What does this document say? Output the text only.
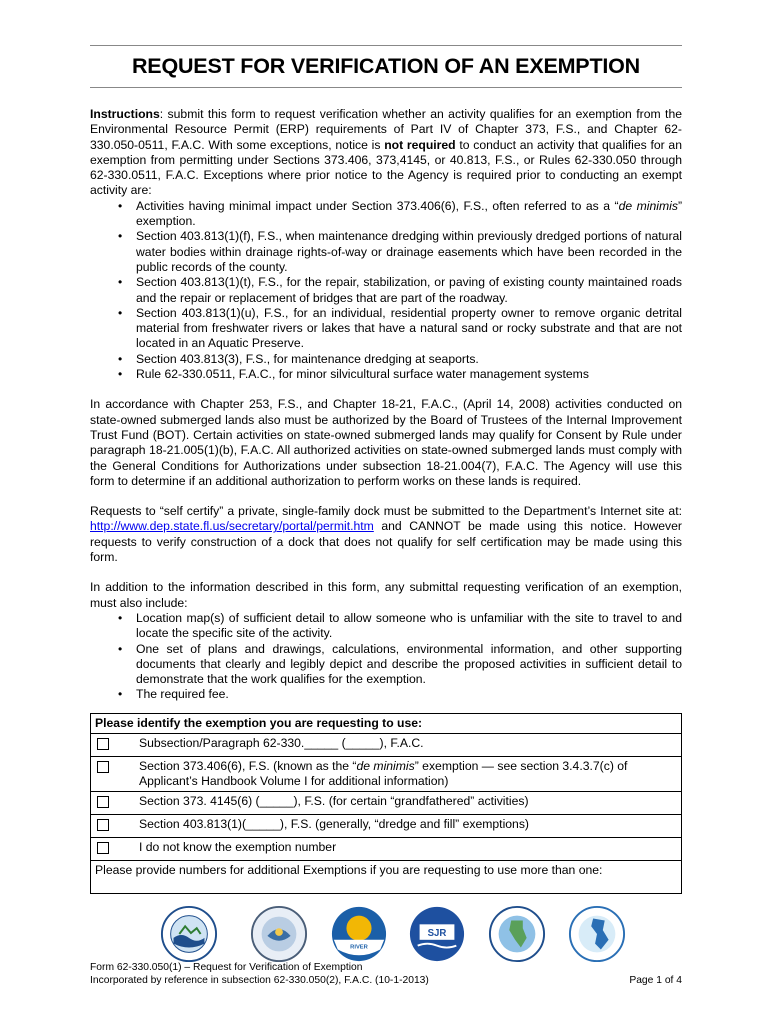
REQUEST FOR VERIFICATION OF AN EXEMPTION

Instructions: submit this form to request verification whether an activity qualifies for an exemption from the Environmental Resource Permit (ERP) requirements of Part IV of Chapter 373, F.S., and Chapter 62-330.050-0511, F.A.C. With some exceptions, notice is not required to conduct an activity that qualifies for an exemption from permitting under Sections 373.406, 373,4145, or 40.813, F.S., or Rules 62-330.050 through 62-330.0511, F.A.C. Exceptions where prior notice to the Agency is required prior to conducting an exempt activity are:

• Activities having minimal impact under Section 373.406(6), F.S., often referred to as a “de minimis” exemption.
• Section 403.813(1)(f), F.S., when maintenance dredging within previously dredged portions of natural water bodies within drainage rights-of-way or drainage easements which have been recorded in the public records of the county.
• Section 403.813(1)(t), F.S., for the repair, stabilization, or paving of existing county maintained roads and the repair or replacement of bridges that are part of the roadway.
• Section 403.813(1)(u), F.S., for an individual, residential property owner to remove organic detrital material from freshwater rivers or lakes that have a natural sand or rocky substrate and that are not located in an Aquatic Preserve.
• Section 403.813(3), F.S., for maintenance dredging at seaports.
• Rule 62-330.0511, F.A.C., for minor silvicultural surface water management systems

In accordance with Chapter 253, F.S., and Chapter 18-21, F.A.C., (April 14, 2008) activities conducted on state-owned submerged lands also must be authorized by the Board of Trustees of the Internal Improvement Trust Fund (BOT). Certain activities on state-owned submerged lands may qualify for Consent by Rule under paragraph 18-21.005(1)(b), F.A.C. All authorized activities on state-owned submerged lands must comply with the General Conditions for Authorizations under subsection 18-21.004(7), F.A.C. The Agency will use this form to determine if an additional authorization to perform works on these lands is required.

Requests to “self certify” a private, single-family dock must be submitted to the Department’s Internet site at: http://www.dep.state.fl.us/secretary/portal/permit.htm and CANNOT be made using this notice. However requests to verify construction of a dock that does not qualify for self certification may be made using this form.

In addition to the information described in this form, any submittal requesting verification of an exemption, must also include:

• Location map(s) of sufficient detail to allow someone who is unfamiliar with the site to travel to and locate the specific site of the activity.
• One set of plans and drawings, calculations, environmental information, and other supporting documents that clearly and legibly depict and describe the proposed activities in sufficient detail to demonstrate that the work qualifies for the exemption.
• The required fee.
Please identify the exemption you are requesting to use:	
	Subsection/Paragraph 62-330._____ (_____), F.A.C.
	Section 373.406(6), F.S. (known as the “de minimis” exemption — see section 3.4.3.7(c) of Applicant’s Handbook Volume I for additional information)
	Section 373. 4145(6) (_____), F.S. (for certain “grandfathered” activities)
	Section 403.813(1)(_____), F.S. (generally, “dredge and fill” exemptions)
	I do not know the exemption number
Please provide numbers for additional Exemptions if you are requesting to use more than one:	
RIVER
SJR
Form 62-330.050(1) – Request for Verification of Exemption
Incorporated by reference in subsection 62-330.050(2), F.A.C. (10-1-2013)	Page 1 of 4
